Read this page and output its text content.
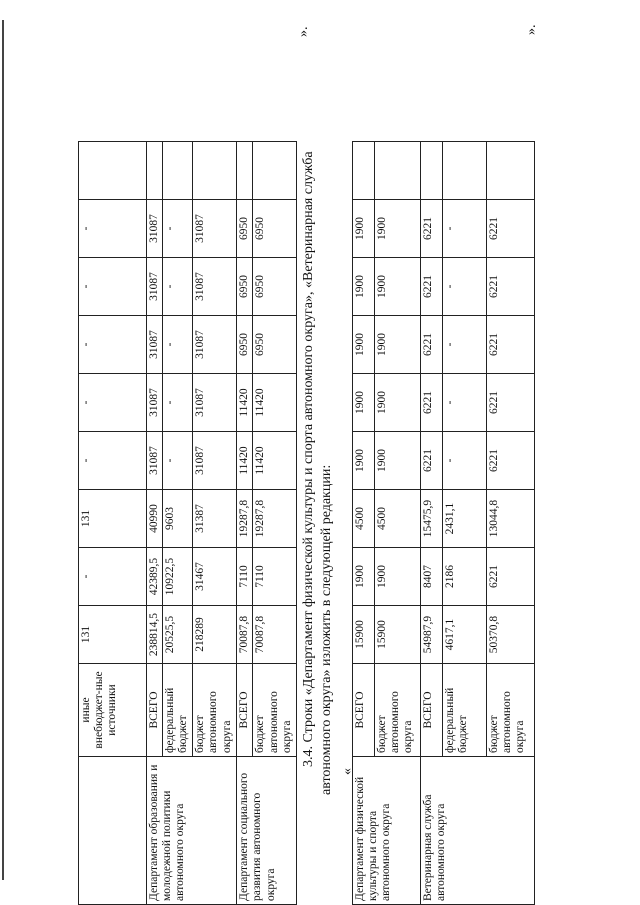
	иные внебюджет-ные источники	131	-	131	-	-	-	-	-	
Департамент образования и молодежной политики автономного округа	ВСЕГО	238814,5	42389,5	40990	31087	31087	31087	31087	31087	
	федеральный бюджет	20525,5	10922,5	9603	-	-	-	-	-	
	бюджет автономного округа	218289	31467	31387	31087	31087	31087	31087	31087	
Департамент социального развития автономного округа	ВСЕГО	70087,8	7110	19287,8	11420	11420	6950	6950	6950	
	бюджет автономного округа	70087,8	7110	19287,8	11420	11420	6950	6950	6950	
».
3.4. Строки «Департамент физической культуры и спорта автономного округа», «Ветеринарная служба автономного округа» изложить в следующей редакции: «
Департамент физической культуры и спорта автономного округа	ВСЕГО	15900	1900	4500	1900	1900	1900	1900	1900	
	бюджет автономного округа	15900	1900	4500	1900	1900	1900	1900	1900	
Ветеринарная служба автономного округа	ВСЕГО	54987,9	8407	15475,9	6221	6221	6221	6221	6221	
	федеральный бюджет	4617,1	2186	2431,1	-	-	-	-	-	
	бюджет автономного округа	50370,8	6221	13044,8	6221	6221	6221	6221	6221	
».
